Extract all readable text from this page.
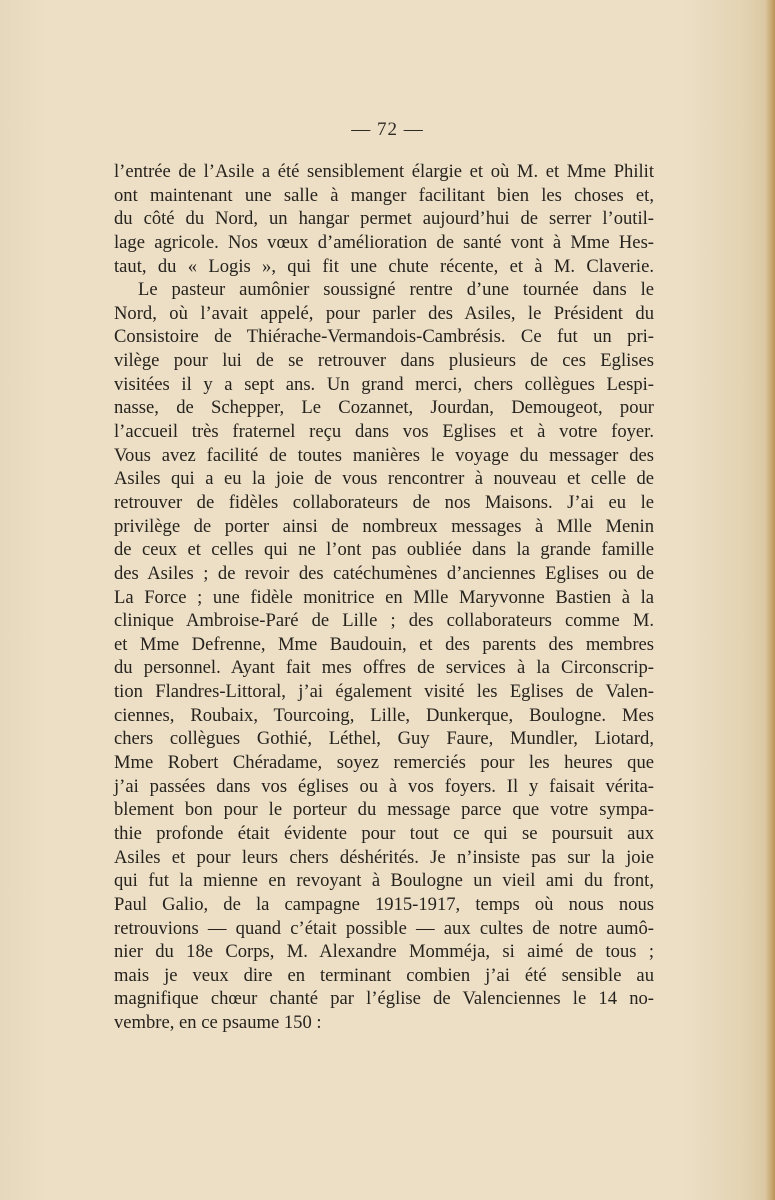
— 72 —
l’entrée de l’Asile a été sensiblement élargie et où M. et Mme Philit
ont maintenant une salle à manger facilitant bien les choses et,
du côté du Nord, un hangar permet aujourd’hui de serrer l’outil-
lage agricole. Nos vœux d’amélioration de santé vont à Mme Hes-
taut, du « Logis », qui fit une chute récente, et à M. Claverie.
Le pasteur aumônier soussigné rentre d’une tournée dans le
Nord, où l’avait appelé, pour parler des Asiles, le Président du
Consistoire de Thiérache-Vermandois-Cambrésis. Ce fut un pri-
vilège pour lui de se retrouver dans plusieurs de ces Eglises
visitées il y a sept ans. Un grand merci, chers collègues Lespi-
nasse, de Schepper, Le Cozannet, Jourdan, Demougeot, pour
l’accueil très fraternel reçu dans vos Eglises et à votre foyer.
Vous avez facilité de toutes manières le voyage du messager des
Asiles qui a eu la joie de vous rencontrer à nouveau et celle de
retrouver de fidèles collaborateurs de nos Maisons. J’ai eu le
privilège de porter ainsi de nombreux messages à Mlle Menin
de ceux et celles qui ne l’ont pas oubliée dans la grande famille
des Asiles ; de revoir des catéchumènes d’anciennes Eglises ou de
La Force ; une fidèle monitrice en Mlle Maryvonne Bastien à la
clinique Ambroise-Paré de Lille ; des collaborateurs comme M.
et Mme Defrenne, Mme Baudouin, et des parents des membres
du personnel. Ayant fait mes offres de services à la Circonscrip-
tion Flandres-Littoral, j’ai également visité les Eglises de Valen-
ciennes, Roubaix, Tourcoing, Lille, Dunkerque, Boulogne. Mes
chers collègues Gothié, Léthel, Guy Faure, Mundler, Liotard,
Mme Robert Chéradame, soyez remerciés pour les heures que
j’ai passées dans vos églises ou à vos foyers. Il y faisait vérita-
blement bon pour le porteur du message parce que votre sympa-
thie profonde était évidente pour tout ce qui se poursuit aux
Asiles et pour leurs chers déshérités. Je n’insiste pas sur la joie
qui fut la mienne en revoyant à Boulogne un vieil ami du front,
Paul Galio, de la campagne 1915-1917, temps où nous nous
retrouvions — quand c’était possible — aux cultes de notre aumô-
nier du 18e Corps, M. Alexandre Momméja, si aimé de tous ;
mais je veux dire en terminant combien j’ai été sensible au
magnifique chœur chanté par l’église de Valenciennes le 14 no-
vembre, en ce psaume 150 :
